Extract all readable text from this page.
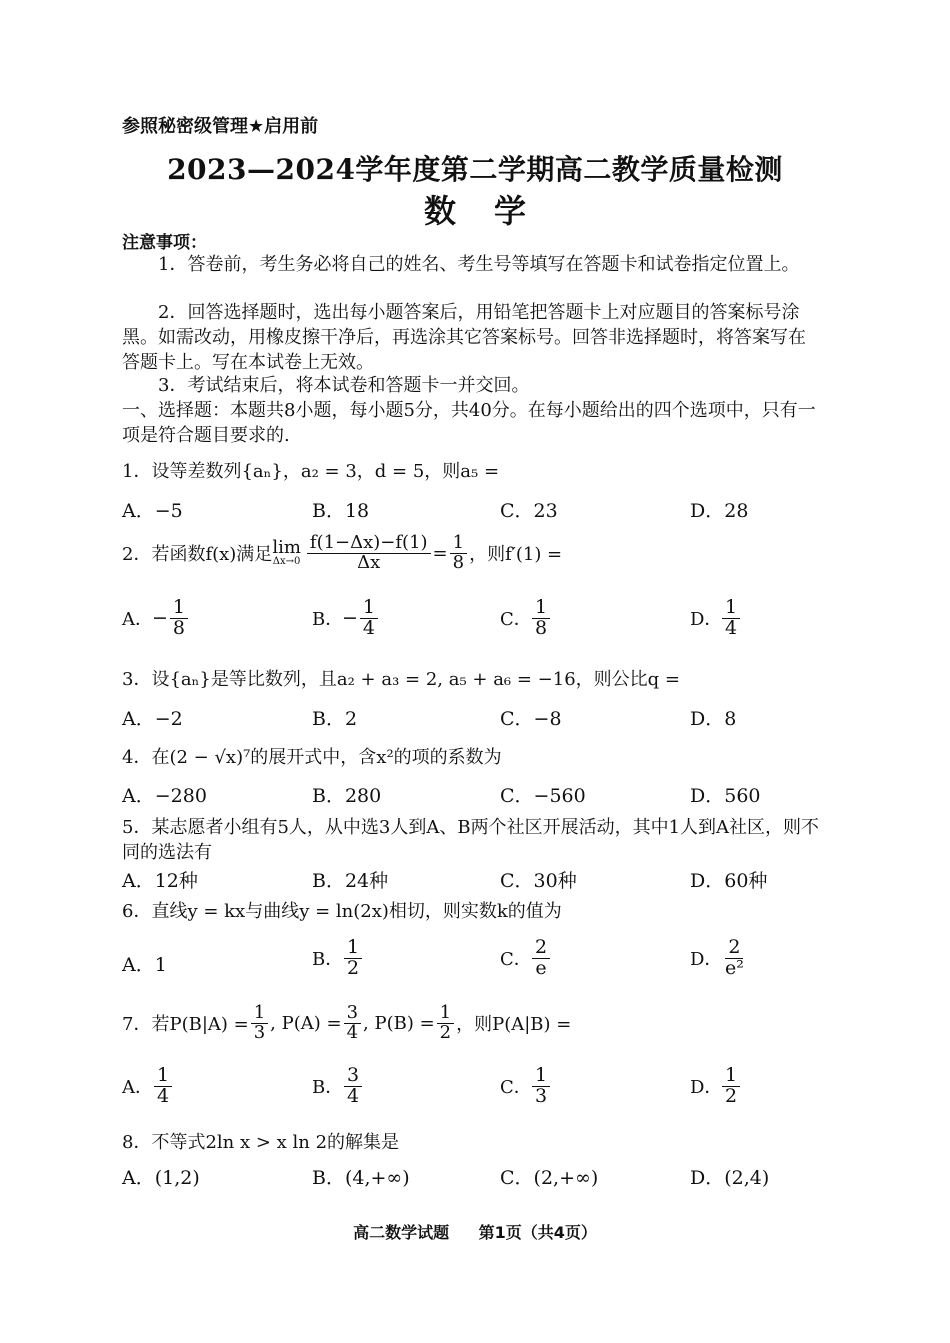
参照秘密级管理★启用前
2023—2024学年度第二学期高二教学质量检测
数学
注意事项：
1．答卷前，考生务必将自己的姓名、考生号等填写在答题卡和试卷指定位置上。
2．回答选择题时，选出每小题答案后，用铅笔把答题卡上对应题目的答案标号涂黑。如需改动，用橡皮擦干净后，再选涂其它答案标号。回答非选择题时，将答案写在答题卡上。写在本试卷上无效。
3．考试结束后，将本试卷和答题卡一并交回。
一、选择题：本题共8小题，每小题5分，共40分。在每小题给出的四个选项中，只有一项是符合题目要求的.
1．设等差数列{aₙ}，a₂ = 3，d = 5，则a₅ =
A．−5	B．18	C．23	D．28
2．若函数f(x)满足 lim
$\Delta x\to 0 \frac{f(1-\Delta x)-f(1)}{\Delta x} = \frac{1}{8}$ ，则f′(1) =
A． − $\frac{1}{8}$	B．
− $\frac{1}{4}$	C． $\frac{1}{8}$	D． $\frac{1}{4}$
3．设{aₙ}是等比数列，且a₂ + a₃ = 2, a₅ + a₆ = −16，则公比q =
A．−2	B．2	C．−8	D．8
4．在(2 − √x)⁷的展开式中，含x²的项的系数为
A．−280	B．280	C．−560	D．560
5．某志愿者小组有5人，从中选3人到A、B两个社区开展活动，其中1人到A社区，则不同的选法有
A．12种	B．24种	C．30种	D．60种
6．直线y = kx与曲线y = ln(2x)相切，则实数k的值为
A．1	B． $\frac{1}{2}$	C． $\frac{2}{e}$	D． $\frac{2}{\text{e²}}$
7．若$P(B|A) = \frac{1}{3}$ , $P(A) = \frac{3}{4}$ , $P(B) = \frac{1}{2}$ ，则P(A|B) =
A． $\frac{1}{4}$	B． $\frac{3}{4}$	C． $\frac{1}{3}$	D． $\frac{1}{2}$
8．不等式2ln x > x ln 2的解集是
A．(1,2)	B．(4,+∞)	C．(2,+∞)	D．(2,4)
高二数学试题 第1页（共4页）
